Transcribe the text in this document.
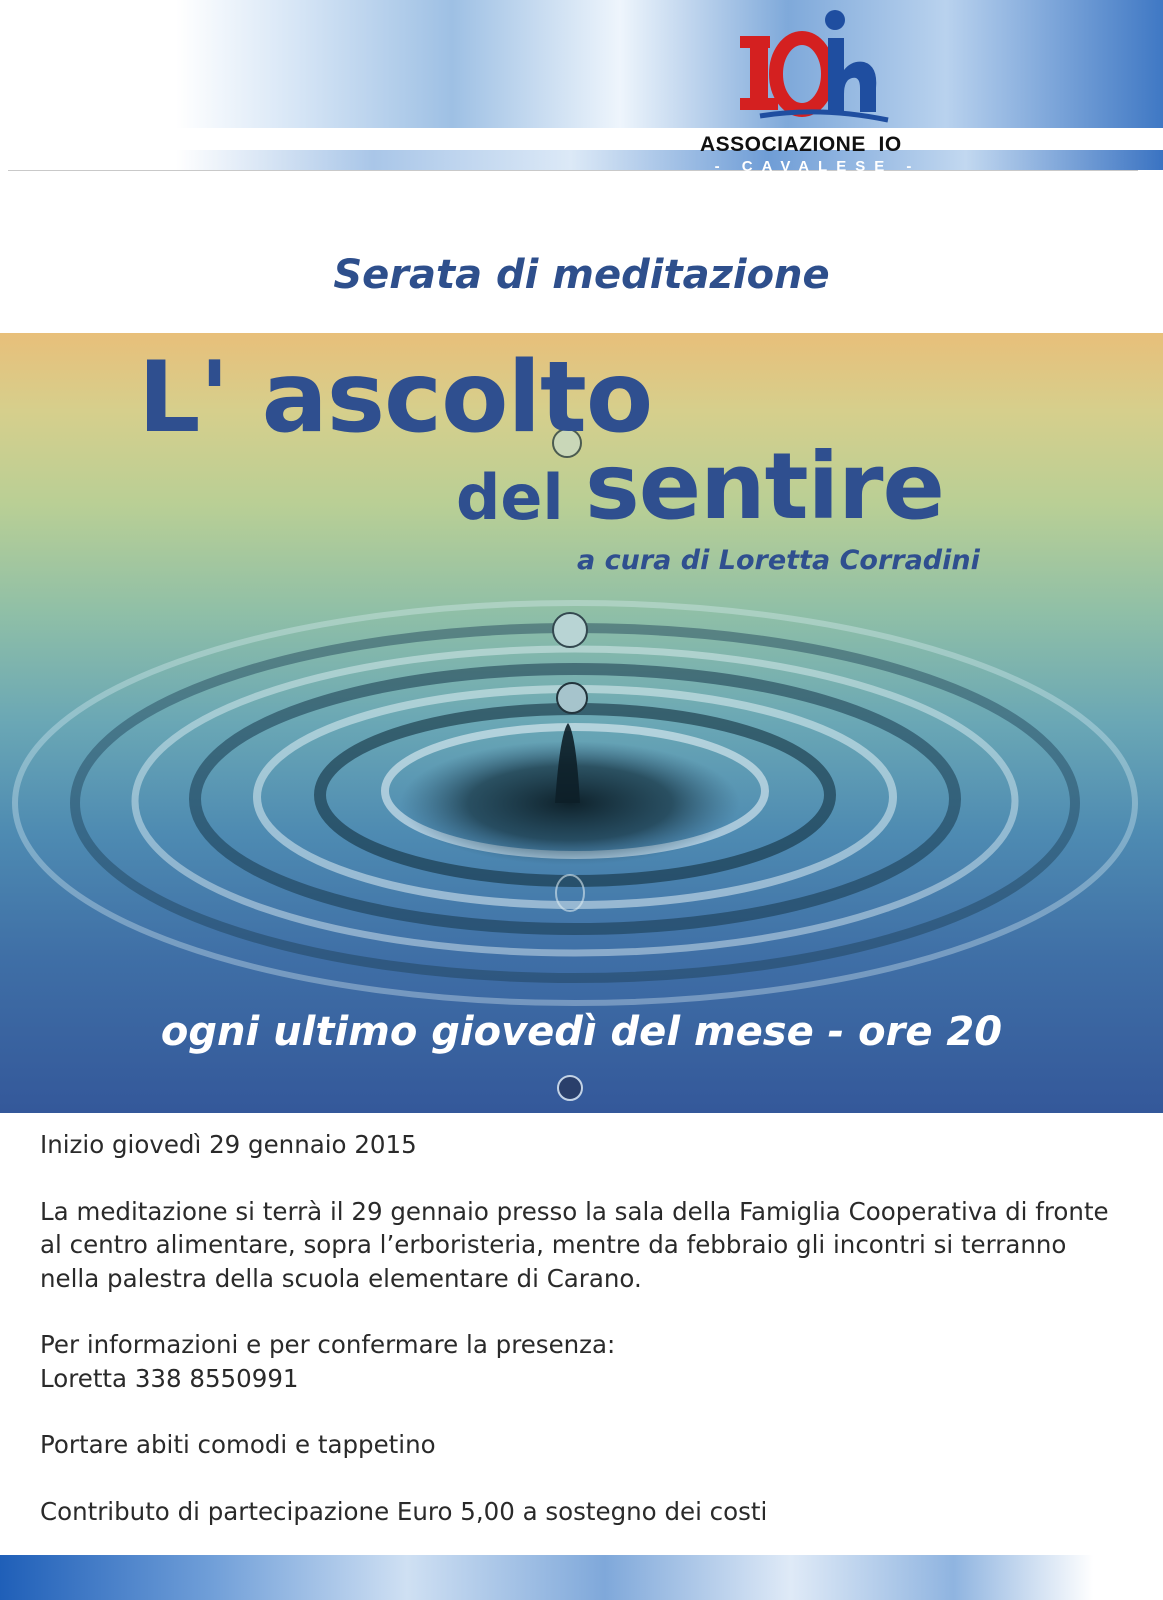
ASSOCIAZIONE  IO
- CAVALESE -
Serata di meditazione
L' ascolto
del sentire
a cura di Loretta Corradini
ogni ultimo giovedì del mese - ore 20

Inizio giovedì 29 gennaio 2015

La meditazione si terrà il 29 gennaio presso la sala della Famiglia Cooperativa di fronte al centro alimentare, sopra l’erboristeria, mentre da febbraio gli incontri si terranno nella palestra della scuola elementare di Carano.

Per informazioni e per confermare la presenza:

Loretta 338 8550991

Portare abiti comodi e tappetino

Contributo di partecipazione Euro 5,00 a sostegno dei costi
